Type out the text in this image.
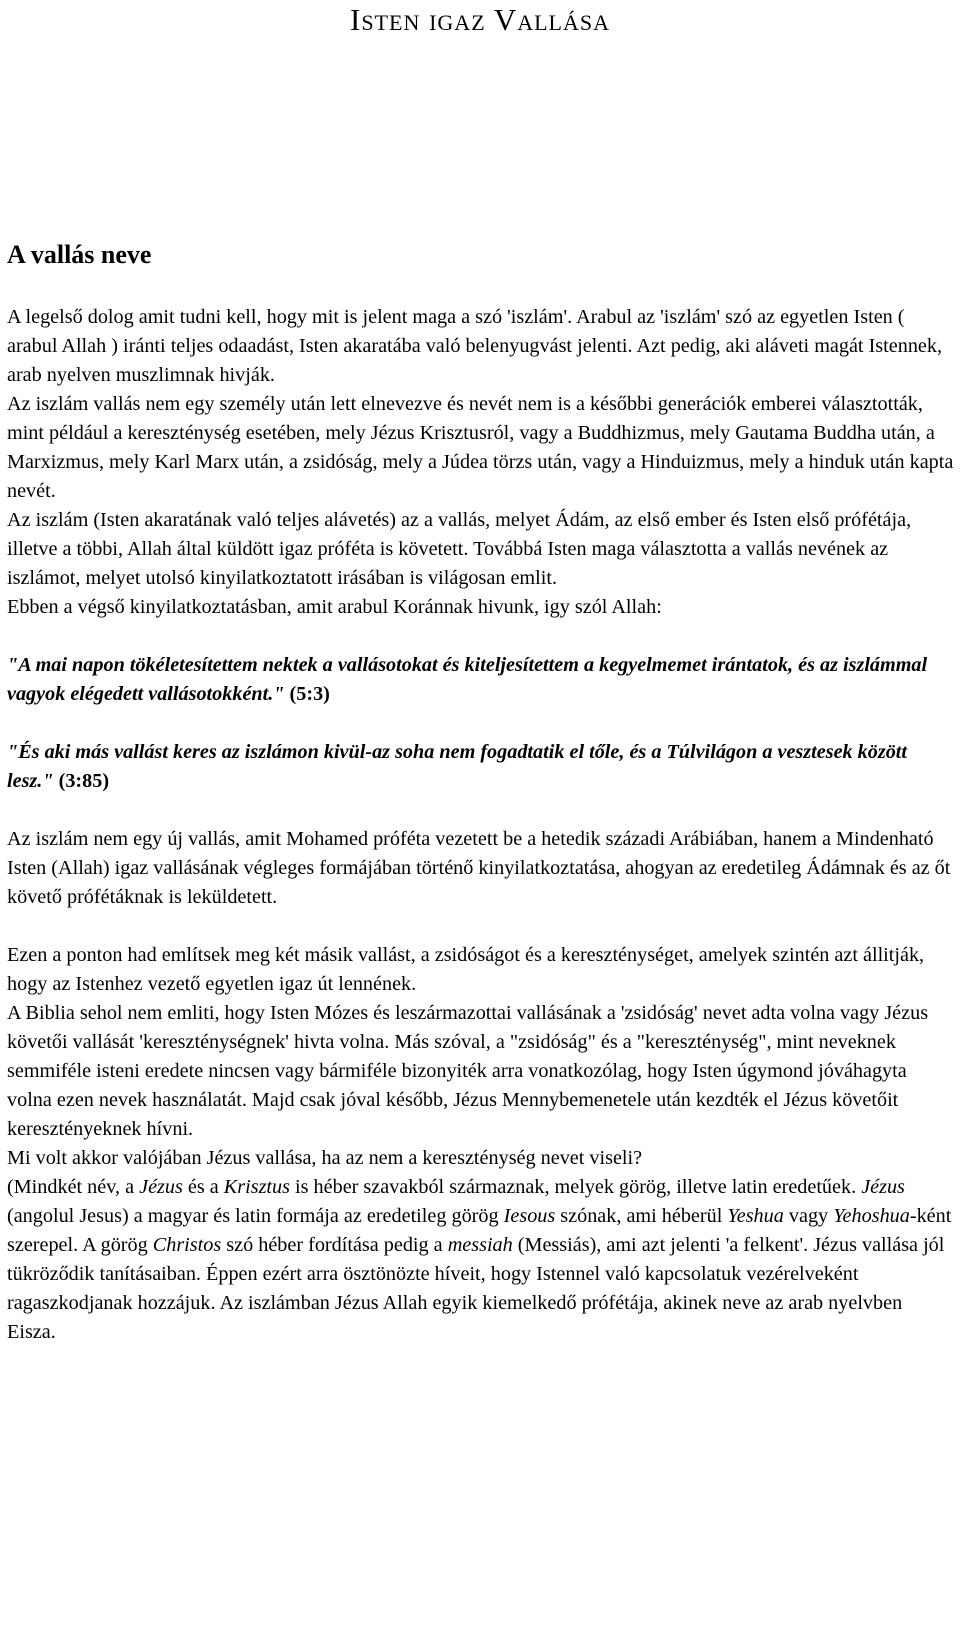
Isten igaz Vallása
A vallás neve

A legelső dolog amit tudni kell, hogy mit is jelent maga a szó 'iszlám'. Arabul az 'iszlám' szó az egyetlen Isten ( arabul Allah ) iránti teljes odaadást, Isten akaratába való belenyugvást jelenti. Azt pedig, aki aláveti magát Istennek, arab nyelven muszlimnak hivják.

Az iszlám vallás nem egy személy után lett elnevezve és nevét nem is a későbbi generációk emberei választották, mint például a kereszténység esetében, mely Jézus Krisztusról, vagy a Buddhizmus, mely Gautama Buddha után, a Marxizmus, mely Karl Marx után, a zsidóság, mely a Júdea törzs után, vagy a Hinduizmus, mely a hinduk után kapta nevét.

Az iszlám (Isten akaratának való teljes alávetés) az a vallás, melyet Ádám, az első ember és Isten első prófétája, illetve a többi, Allah által küldött igaz próféta is követett. Továbbá Isten maga választotta a vallás nevének az iszlámot, melyet utolsó kinyilatkoztatott irásában is világosan emlit.

Ebben a végső kinyilatkoztatásban, amit arabul Koránnak hivunk, igy szól Allah:

"A mai napon tökéletesítettem nektek a vallásotokat és kiteljesítettem a kegyelmemet irántatok, és az iszlámmal vagyok elégedett vallásotokként." (5:3)

"És aki más vallást keres az iszlámon kivül-az soha nem fogadtatik el tőle, és a Túlvilágon a vesztesek között lesz." (3:85)

Az iszlám nem egy új vallás, amit Mohamed próféta vezetett be a hetedik századi Arábiában, hanem a Mindenható Isten (Allah) igaz vallásának végleges formájában történő kinyilatkoztatása, ahogyan az eredetileg Ádámnak és az őt követő prófétáknak is leküldetett.

Ezen a ponton had említsek meg két másik vallást, a zsidóságot és a kereszténységet, amelyek szintén azt állitják, hogy az Istenhez vezető egyetlen igaz út lennének.

A Biblia sehol nem emliti, hogy Isten Mózes és leszármazottai vallásának a 'zsidóság' nevet adta volna vagy Jézus követői vallását 'kereszténységnek' hivta volna. Más szóval, a "zsidóság" és a "kereszténység", mint neveknek semmiféle isteni eredete nincsen vagy bármiféle bizonyiték arra vonatkozólag, hogy Isten úgymond jóváhagyta volna ezen nevek használatát. Majd csak jóval később, Jézus Mennybemenetele után kezdték el Jézus követőit keresztényeknek hívni.

Mi volt akkor valójában Jézus vallása, ha az nem a kereszténység nevet viseli?

(Mindkét név, a Jézus és a Krisztus is héber szavakból származnak, melyek görög, illetve latin eredetűek. Jézus (angolul Jesus) a magyar és latin formája az eredetileg görög Iesous szónak, ami héberül Yeshua vagy Yehoshua-ként szerepel. A görög Christos szó héber fordítása pedig a messiah (Messiás), ami azt jelenti 'a felkent'. Jézus vallása jól tükröződik tanításaiban. Éppen ezért arra ösztönözte híveit, hogy Istennel való kapcsolatuk vezérelveként ragaszkodjanak hozzájuk. Az iszlámban Jézus Allah egyik kiemelkedő prófétája, akinek neve az arab nyelvben Eisza.
